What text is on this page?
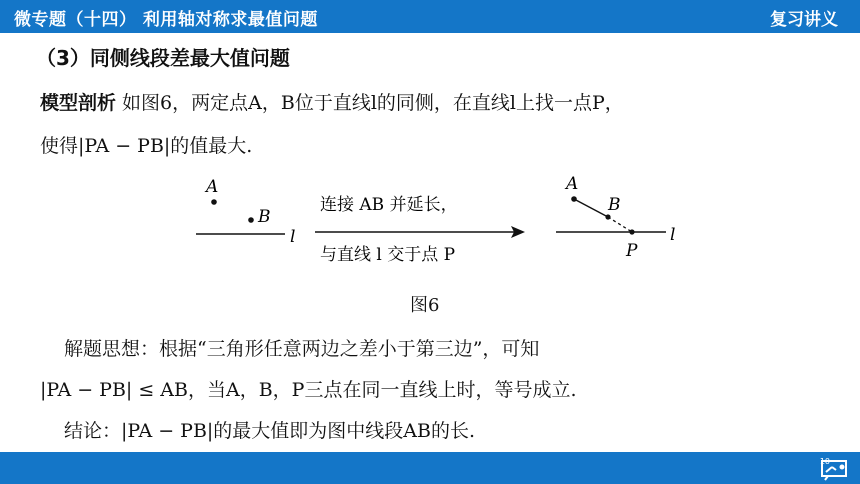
微专题（十四） 利用轴对称求最值问题	复习讲义
（3）同侧线段差最大值问题
模型剖析 如图6，两定点A，B位于直线l的同侧，在直线l上找一点P，
使得|PA − PB|的值最大.
A
B
l
连接 AB 并延长，
与直线 l 交于点 P
A
B
P
l
图6
解题思想：根据“三角形任意两边之差小于第三边”，可知
|PA − PB| ≤ AB，当A，B，P三点在同一直线上时，等号成立.
结论：|PA − PB|的最大值即为图中线段AB的长.
10
